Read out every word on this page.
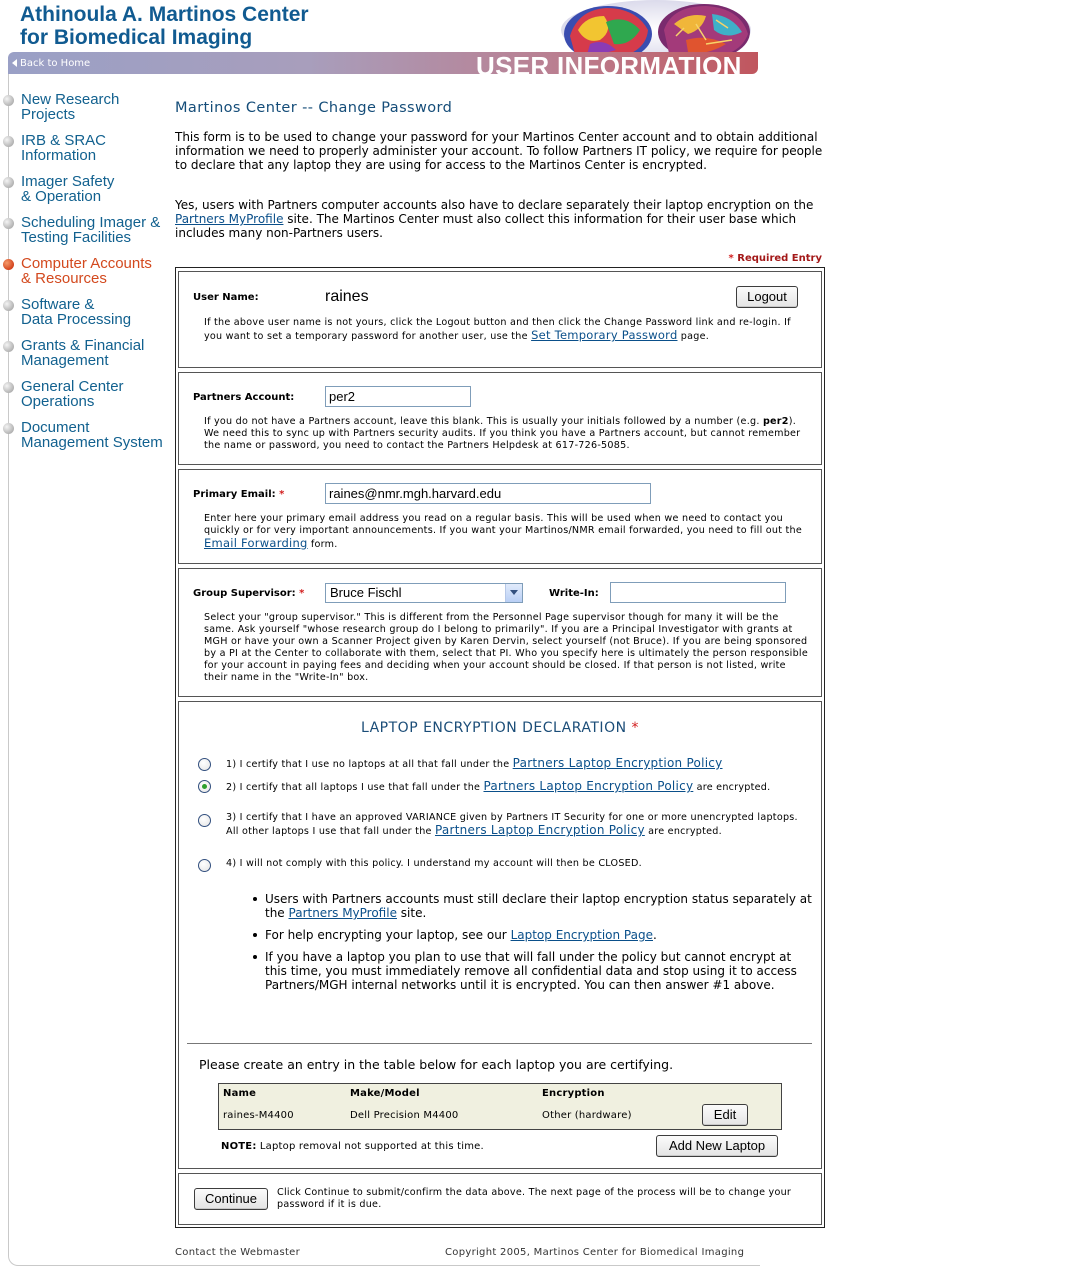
Athinoula A. Martinos Center
for Biomedical Imaging
Back to Home	USER INFORMATION
New Research
Projects
IRB & SRAC
Information
Imager Safety
& Operation
Scheduling Imager &
Testing Facilities
Computer Accounts
& Resources
Software &
Data Processing
Grants & Financial
Management
General Center
Operations
Document
Management System
Martinos Center -- Change Password
This form is to be used to change your password for your Martinos Center account and to obtain additional information we need to properly administer your account. To follow Partners IT policy, we require for people to declare that any laptop they are using for access to the Martinos Center is encrypted.
Yes, users with Partners computer accounts also have to declare separately their laptop encryption on the Partners MyProfile site. The Martinos Center must also collect this information for their user base which includes many non-Partners users.
* Required Entry
User Name:	raines	Logout
If the above user name is not yours, click the Logout button and then click the Change Password link and re-login. If you want to set a temporary password for another user, use the Set Temporary Password page.
Partners Account:	per2
If you do not have a Partners account, leave this blank. This is usually your initials followed by a number (e.g. per2). We need this to sync up with Partners security audits. If you think you have a Partners account, but cannot remember the name or password, you need to contact the Partners Helpdesk at 617-726-5085.
Primary Email: *	raines@nmr.mgh.harvard.edu
Enter here your primary email address you read on a regular basis. This will be used when we need to contact you quickly or for very important announcements. If you want your Martinos/NMR email forwarded, you need to fill out the Email Forwarding form.
Group Supervisor: *	Bruce Fischl	Write-In:
Select your "group supervisor." This is different from the Personnel Page supervisor though for many it will be the same. Ask yourself "whose research group do I belong to primarily". If you are a Principal Investigator with grants at MGH or have your own a Scanner Project given by Karen Dervin, select yourself (not Bruce). If you are being sponsored by a PI at the Center to collaborate with them, select that PI. Who you specify here is ultimately the person responsible for your account in paying fees and deciding when your account should be closed. If that person is not listed, write their name in the "Write-In" box.
LAPTOP ENCRYPTION DECLARATION *
1) I certify that I use no laptops at all that fall under the Partners Laptop Encryption Policy
2) I certify that all laptops I use that fall under the Partners Laptop Encryption Policy are encrypted.
3) I certify that I have an approved VARIANCE given by Partners IT Security for one or more unencrypted laptops. All other laptops I use that fall under the Partners Laptop Encryption Policy are encrypted.
4) I will not comply with this policy. I understand my account will then be CLOSED.
Users with Partners accounts must still declare their laptop encryption status separately at the Partners MyProfile site.
For help encrypting your laptop, see our Laptop Encryption Page.
If you have a laptop you plan to use that will fall under the policy but cannot encrypt at this time, you must immediately remove all confidential data and stop using it to access Partners/MGH internal networks until it is encrypted. You can then answer #1 above.
Please create an entry in the table below for each laptop you are certifying.
Name	Make/Model	Encryption
raines-M4400	Dell Precision M4400	Other (hardware)	Edit
NOTE: Laptop removal not supported at this time.	Add New Laptop
Continue	Click Continue to submit/confirm the data above. The next page of the process will be to change your password if it is due.
Contact the Webmaster	Copyright 2005, Martinos Center for Biomedical Imaging
